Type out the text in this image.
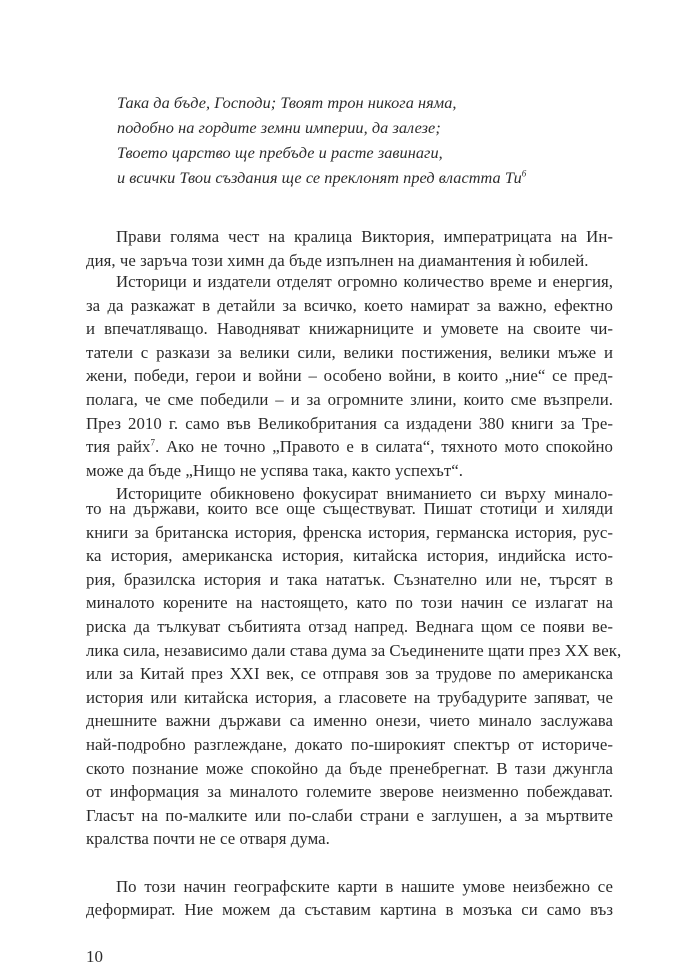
Така да бъде, Господи; Твоят трон никога няма,
подобно на гордите земни империи, да залезе;
Твоето царство ще пребъде и расте завинаги,
и всички Твои създания ще се преклонят пред властта $Ти^6$
Прави голяма чест на кралица Виктория, императрицата на Ин-
дия, че заръча този химн да бъде изпълнен на диамантения ѝ юбилей.
Историци и издатели отделят огромно количество време и енергия,
за да разкажат в детайли за всичко, което намират за важно, ефектно
и впечатляващо. Наводняват книжарниците и умовете на своите чи-
татели с разкази за велики сили, велики постижения, велики мъже и
жени, победи, герои и войни – особено войни, в които „ние“ се пред-
полага, че сме победили – и за огромните злини, които сме възпрели.
През 2010 г. само във Великобритания са издадени 380 книги за Тре-
тия райх$^7$. Ако не точно „Правото е в силата“, тяхното мото спокойно
може да бъде „Нищо не успява така, както успехът“.
Историците обикновено фокусират вниманието си върху минало-
то на държави, които все още съществуват. Пишат стотици и хиляди
книги за британска история, френска история, германска история, рус-
ка история, американска история, китайска история, индийска исто-
рия, бразилска история и така нататък. Съзнателно или не, търсят в
миналото корените на настоящето, като по този начин се излагат на
риска да тълкуват събитията отзад напред. Веднага щом се появи ве-
лика сила, независимо дали става дума за Съединените щати през XX век,
или за Китай през XXI век, се отправя зов за трудове по американска
история или китайска история, а гласовете на трубадурите запяват, че
днешните важни държави са именно онези, чието минало заслужава
най-подробно разглеждане, докато по-широкият спектър от историче-
ското познание може спокойно да бъде пренебрегнат. В тази джунгла
от информация за миналото големите зверове неизменно побеждават.
Гласът на по-малките или по-слаби страни е заглушен, а за мъртвите
кралства почти не се отваря дума.
10
По този начин географските карти в нашите умове неизбежно се
деформират. Ние можем да съставим картина в мозъка си само въз
